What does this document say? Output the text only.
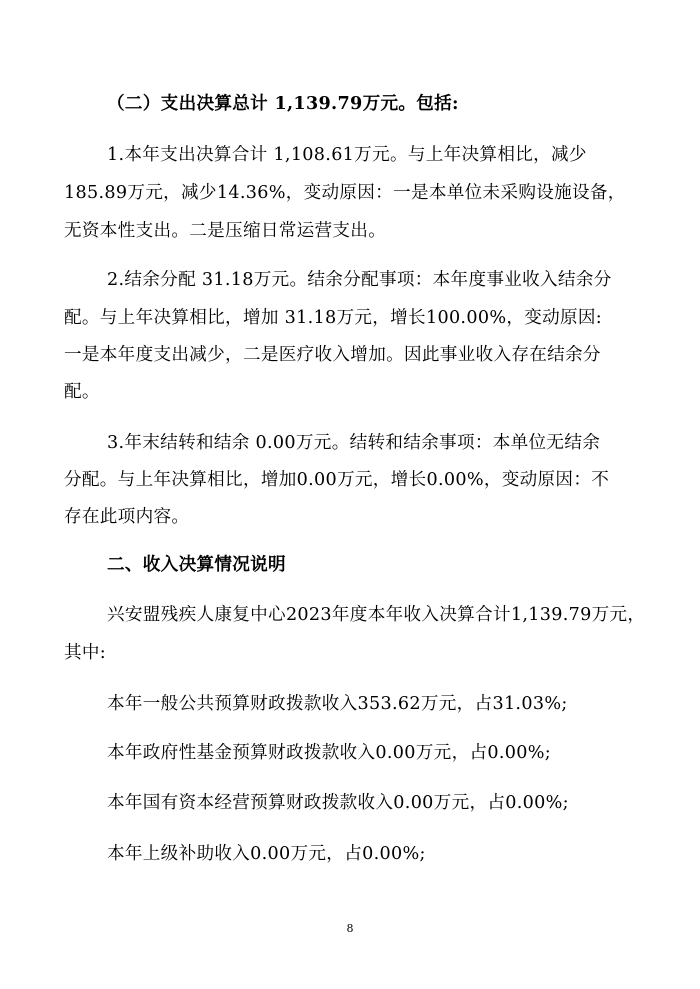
（二）支出决算总计 1,139.79万元。包括:
1.本年支出决算合计 1,108.61万元。与上年决算相比，减少
185.89万元，减少14.36%，变动原因：一是本单位未采购设施设备，
无资本性支出。二是压缩日常运营支出。
2.结余分配 31.18万元。结余分配事项：本年度事业收入结余分
配。与上年决算相比，增加 31.18万元，增长100.00%，变动原因:
一是本年度支出减少，二是医疗收入增加。因此事业收入存在结余分
配。
3.年末结转和结余 0.00万元。结转和结余事项：本单位无结余
分配。与上年决算相比，增加0.00万元，增长0.00%，变动原因：不
存在此项内容。
二、收入决算情况说明
兴安盟残疾人康复中心2023年度本年收入决算合计1,139.79万元，
其中:
本年一般公共预算财政拨款收入353.62万元，占31.03%;
本年政府性基金预算财政拨款收入0.00万元，占0.00%;
本年国有资本经营预算财政拨款收入0.00万元，占0.00%;
本年上级补助收入0.00万元，占0.00%;
8
